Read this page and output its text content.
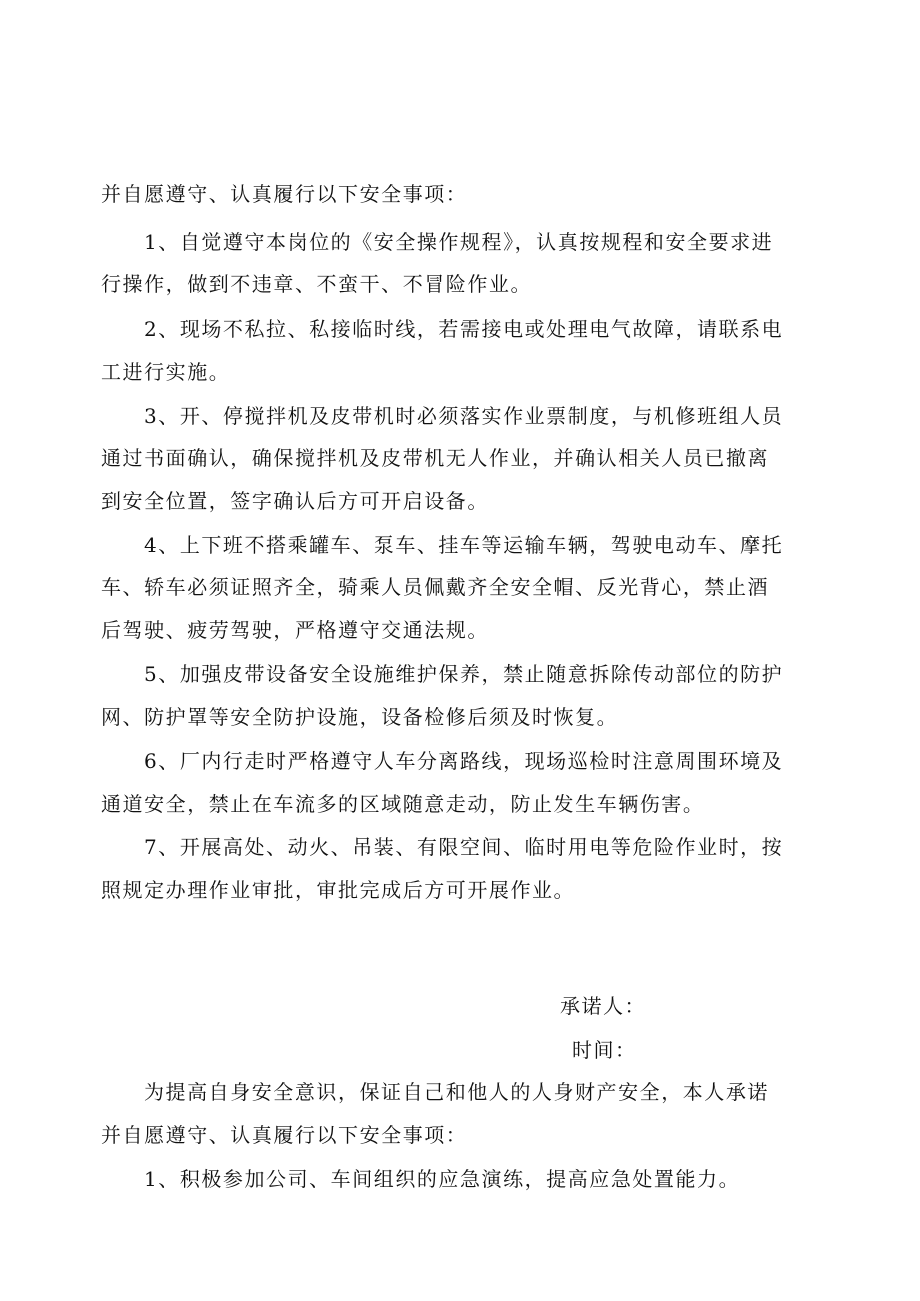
并自愿遵守、认真履行以下安全事项：
1、自觉遵守本岗位的《安全操作规程》，认真按规程和安全要求进
行操作，做到不违章、不蛮干、不冒险作业。
2、现场不私拉、私接临时线，若需接电或处理电气故障，请联系电
工进行实施。
3、开、停搅拌机及皮带机时必须落实作业票制度，与机修班组人员
通过书面确认，确保搅拌机及皮带机无人作业，并确认相关人员已撤离
到安全位置，签字确认后方可开启设备。
4、上下班不搭乘罐车、泵车、挂车等运输车辆，驾驶电动车、摩托
车、轿车必须证照齐全，骑乘人员佩戴齐全安全帽、反光背心，禁止酒
后驾驶、疲劳驾驶，严格遵守交通法规。
5、加强皮带设备安全设施维护保养，禁止随意拆除传动部位的防护
网、防护罩等安全防护设施，设备检修后须及时恢复。
6、厂内行走时严格遵守人车分离路线，现场巡检时注意周围环境及
通道安全，禁止在车流多的区域随意走动，防止发生车辆伤害。
7、开展高处、动火、吊装、有限空间、临时用电等危险作业时，按
照规定办理作业审批，审批完成后方可开展作业。
承诺人：
时间：
为提高自身安全意识，保证自己和他人的人身财产安全，本人承诺
并自愿遵守、认真履行以下安全事项：
1、积极参加公司、车间组织的应急演练，提高应急处置能力。
